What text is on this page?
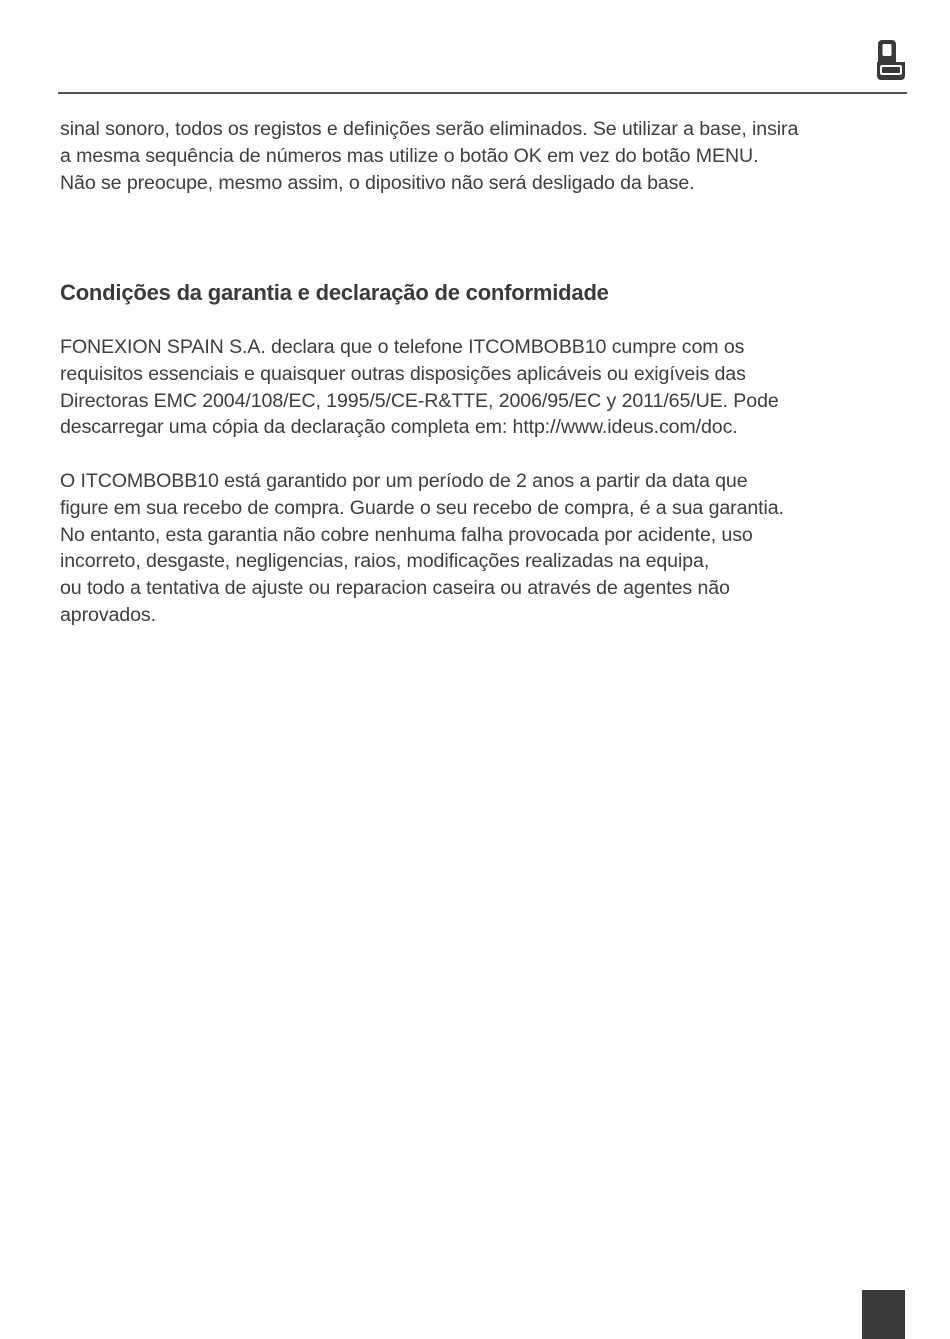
sinal sonoro, todos os registos e definições serão eliminados. Se utilizar a base, insira
a mesma sequência de números mas utilize o botão OK em vez do botão MENU.
Não se preocupe, mesmo assim, o dipositivo não será desligado da base.

Condições da garantia e declaração de conformidade

FONEXION SPAIN S.A. declara que o telefone ITCOMBOBB10 cumpre com os
requisitos essenciais e quaisquer outras disposições aplicáveis ou exigíveis das
Directoras EMC 2004/108/EC, 1995/5/CE-R&TTE, 2006/95/EC y 2011/65/UE. Pode
descarregar uma cópia da declaração completa em: http://www.ideus.com/doc.

O ITCOMBOBB10 está garantido por um período de 2 anos a partir da data que
figure em sua recebo de compra. Guarde o seu recebo de compra, é a sua garantia.
No entanto, esta garantia não cobre nenhuma falha provocada por acidente, uso
incorreto, desgaste, negligencias, raios, modificações realizadas na equipa,
ou todo a tentativa de ajuste ou reparacion caseira ou através de agentes não
aprovados.
